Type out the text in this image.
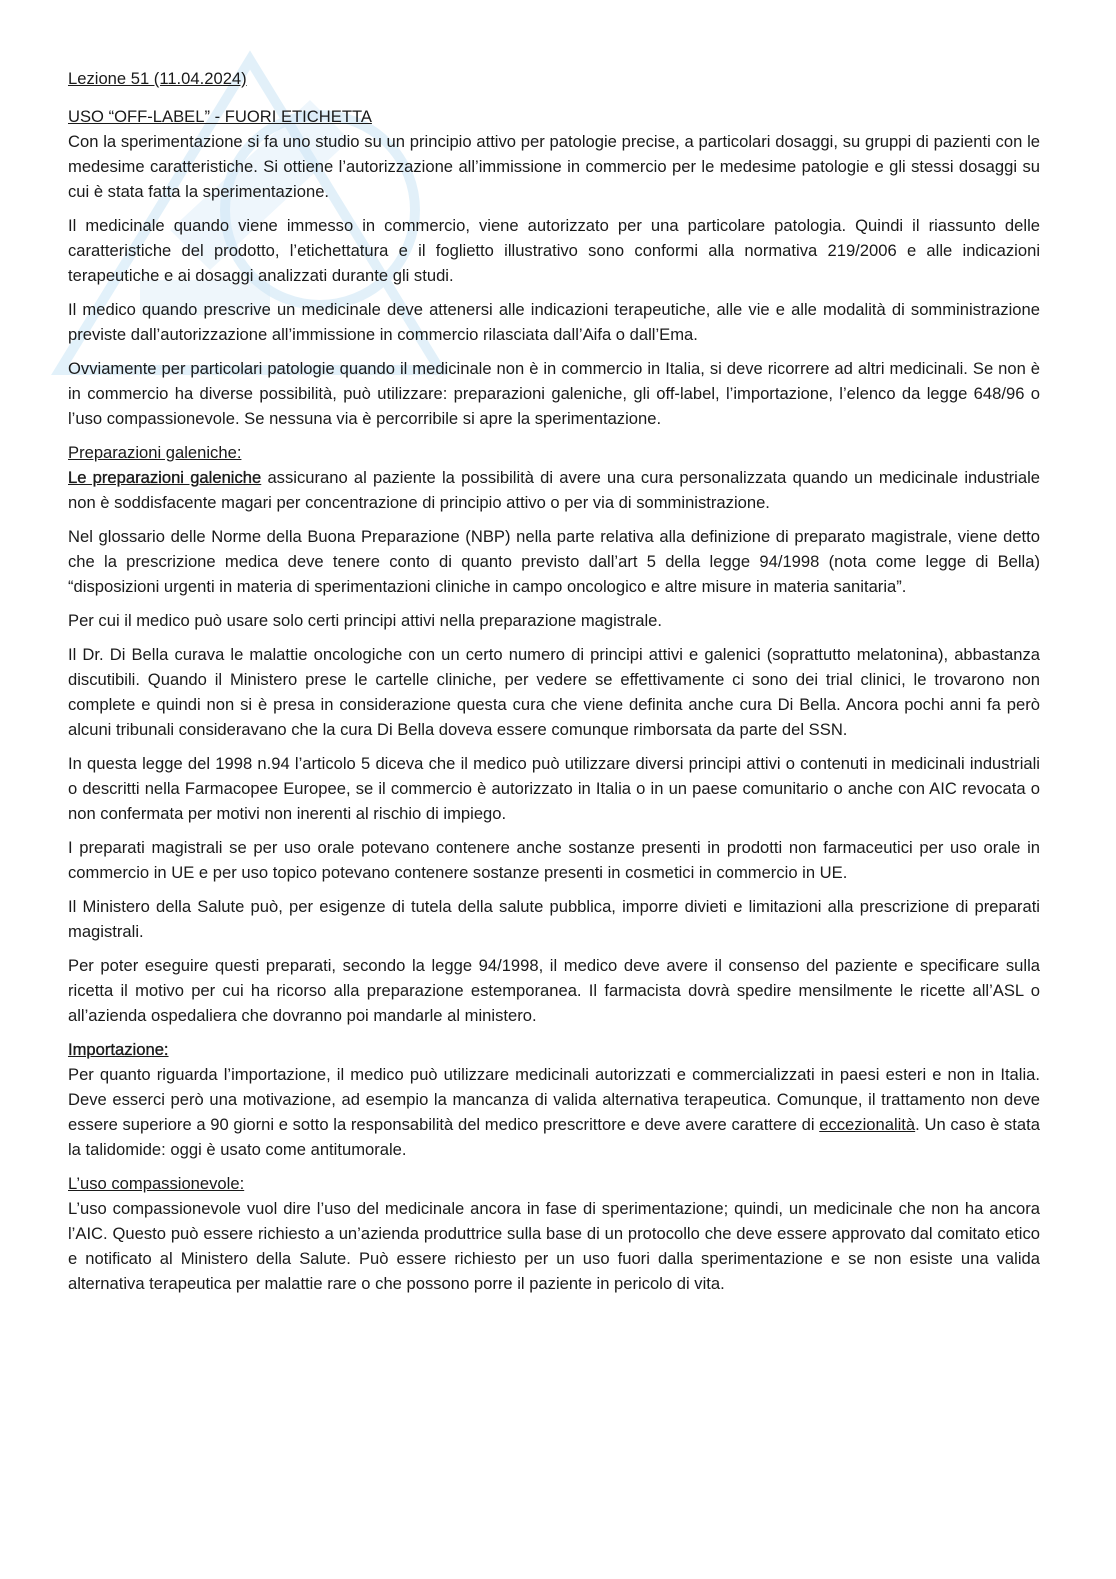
Lezione 51 (11.04.2024)

USO “OFF-LABEL” - FUORI ETICHETTA

Con la sperimentazione si fa uno studio su un principio attivo per patologie precise, a particolari dosaggi, su gruppi di pazienti con le medesime caratteristiche. Si ottiene l’autorizzazione all’immissione in commercio per le medesime patologie e gli stessi dosaggi su cui è stata fatta la sperimentazione.

Il medicinale quando viene immesso in commercio, viene autorizzato per una particolare patologia. Quindi il riassunto delle caratteristiche del prodotto, l’etichettatura e il foglietto illustrativo sono conformi alla normativa 219/2006 e alle indicazioni terapeutiche e ai dosaggi analizzati durante gli studi.

Il medico quando prescrive un medicinale deve attenersi alle indicazioni terapeutiche, alle vie e alle modalità di somministrazione previste dall’autorizzazione all’immissione in commercio rilasciata dall’Aifa o dall’Ema.

Ovviamente per particolari patologie quando il medicinale non è in commercio in Italia, si deve ricorrere ad altri medicinali. Se non è in commercio ha diverse possibilità, può utilizzare: preparazioni galeniche, gli off-label, l’importazione, l’elenco da legge 648/96 o l’uso compassionevole. Se nessuna via è percorribile si apre la sperimentazione.

Preparazioni galeniche:

Le preparazioni galeniche assicurano al paziente la possibilità di avere una cura personalizzata quando un medicinale industriale non è soddisfacente magari per concentrazione di principio attivo o per via di somministrazione.

Nel glossario delle Norme della Buona Preparazione (NBP) nella parte relativa alla definizione di preparato magistrale, viene detto che la prescrizione medica deve tenere conto di quanto previsto dall’art 5 della legge 94/1998 (nota come legge di Bella) “disposizioni urgenti in materia di sperimentazioni cliniche in campo oncologico e altre misure in materia sanitaria”.

Per cui il medico può usare solo certi principi attivi nella preparazione magistrale.

Il Dr. Di Bella curava le malattie oncologiche con un certo numero di principi attivi e galenici (soprattutto melatonina), abbastanza discutibili. Quando il Ministero prese le cartelle cliniche, per vedere se effettivamente ci sono dei trial clinici, le trovarono non complete e quindi non si è presa in considerazione questa cura che viene definita anche cura Di Bella. Ancora pochi anni fa però alcuni tribunali consideravano che la cura Di Bella doveva essere comunque rimborsata da parte del SSN.

In questa legge del 1998 n.94 l’articolo 5 diceva che il medico può utilizzare diversi principi attivi o contenuti in medicinali industriali o descritti nella Farmacopee Europee, se il commercio è autorizzato in Italia o in un paese comunitario o anche con AIC revocata o non confermata per motivi non inerenti al rischio di impiego.

I preparati magistrali se per uso orale potevano contenere anche sostanze presenti in prodotti non farmaceutici per uso orale in commercio in UE e per uso topico potevano contenere sostanze presenti in cosmetici in commercio in UE.

Il Ministero della Salute può, per esigenze di tutela della salute pubblica, imporre divieti e limitazioni alla prescrizione di preparati magistrali.

Per poter eseguire questi preparati, secondo la legge 94/1998, il medico deve avere il consenso del paziente e specificare sulla ricetta il motivo per cui ha ricorso alla preparazione estemporanea. Il farmacista dovrà spedire mensilmente le ricette all’ASL o all’azienda ospedaliera che dovranno poi mandarle al ministero.

Importazione:

Per quanto riguarda l’importazione, il medico può utilizzare medicinali autorizzati e commercializzati in paesi esteri e non in Italia. Deve esserci però una motivazione, ad esempio la mancanza di valida alternativa terapeutica. Comunque, il trattamento non deve essere superiore a 90 giorni e sotto la responsabilità del medico prescrittore e deve avere carattere di eccezionalità. Un caso è stata la talidomide: oggi è usato come antitumorale.

L’uso compassionevole:

L’uso compassionevole vuol dire l’uso del medicinale ancora in fase di sperimentazione; quindi, un medicinale che non ha ancora l’AIC. Questo può essere richiesto a un’azienda produttrice sulla base di un protocollo che deve essere approvato dal comitato etico e notificato al Ministero della Salute. Può essere richiesto per un uso fuori dalla sperimentazione e se non esiste una valida alternativa terapeutica per malattie rare o che possono porre il paziente in pericolo di vita.
